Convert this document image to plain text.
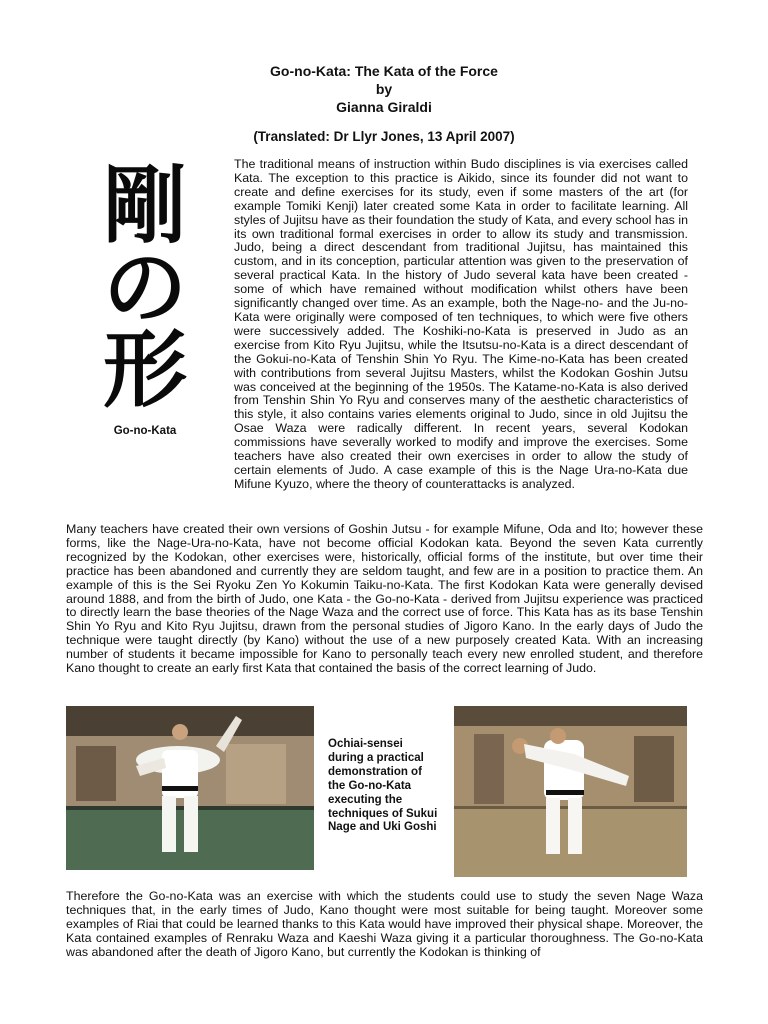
Go-no-Kata: The Kata of the Force
by
Gianna Giraldi
(Translated: Dr Llyr Jones, 13 April 2007)
剛
の
形
Go-no-Kata

The traditional means of instruction within Budo disciplines is via exercises called Kata. The exception to this practice is Aikido, since its founder did not want to create and define exercises for its study, even if some masters of the art (for example Tomiki Kenji) later created some Kata in order to facilitate learning. All styles of Jujitsu have as their foundation the study of Kata, and every school has in its own traditional formal exercises in order to allow its study and transmission. Judo, being a direct descendant from traditional Jujitsu, has maintained this custom, and in its conception, particular attention was given to the preservation of several practical Kata. In the history of Judo several kata have been created - some of which have remained without modification whilst others have been significantly changed over time. As an example, both the Nage-no- and the Ju-no- Kata were originally were composed of ten techniques, to which were five others were successively added. The Koshiki-no-Kata is preserved in Judo as an exercise from Kito Ryu Jujitsu, while the Itsutsu-no-Kata is a direct descendant of the Gokui-no-Kata of Tenshin Shin Yo Ryu. The Kime-no-Kata has been created with contributions from several Jujitsu Masters, whilst the Kodokan Goshin Jutsu was conceived at the beginning of the 1950s. The Katame-no-Kata is also derived from Tenshin Shin Yo Ryu and conserves many of the aesthetic characteristics of this style, it also contains varies elements original to Judo, since in old Jujitsu the Osae Waza were radically different. In recent years, several Kodokan commissions have severally worked to modify and improve the exercises. Some teachers have also created their own exercises in order to allow the study of certain elements of Judo. A case example of this is the Nage Ura-no-Kata due Mifune Kyuzo, where the theory of counterattacks is analyzed.

Many teachers have created their own versions of Goshin Jutsu - for example Mifune, Oda and Ito; however these forms, like the Nage-Ura-no-Kata, have not become official Kodokan kata. Beyond the seven Kata currently recognized by the Kodokan, other exercises were, historically, official forms of the institute, but over time their practice has been abandoned and currently they are seldom taught, and few are in a position to practice them. An example of this is the Sei Ryoku Zen Yo Kokumin Taiku-no-Kata. The first Kodokan Kata were generally devised around 1888, and from the birth of Judo, one Kata - the Go-no-Kata - derived from Jujitsu experience was practiced to directly learn the base theories of the Nage Waza and the correct use of force. This Kata has as its base Tenshin Shin Yo Ryu and Kito Ryu Jujitsu, drawn from the personal studies of Jigoro Kano. In the early days of Judo the technique were taught directly (by Kano) without the use of a new purposely created Kata. With an increasing number of students it became impossible for Kano to personally teach every new enrolled student, and therefore Kano thought to create an early first Kata that contained the basis of the correct learning of Judo.

Ochiai-sensei during a practical demonstration of the Go-no-Kata executing the techniques of Sukui Nage and Uki Goshi

Therefore the Go-no-Kata was an exercise with which the students could use to study the seven Nage Waza techniques that, in the early times of Judo, Kano thought were most suitable for being taught. Moreover some examples of Riai that could be learned thanks to this Kata would have improved their physical shape. Moreover, the Kata contained examples of Renraku Waza and Kaeshi Waza giving it a particular thoroughness. The Go-no-Kata was abandoned after the death of Jigoro Kano, but currently the Kodokan is thinking of
